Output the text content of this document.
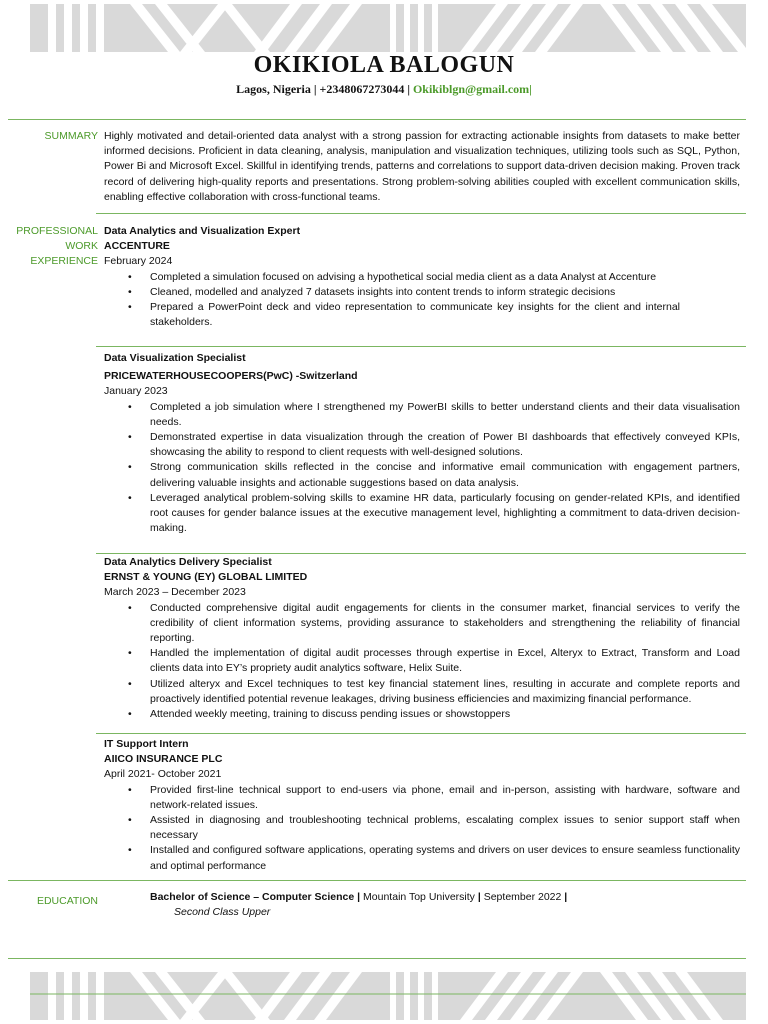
OKIKIOLA BALOGUN
Lagos, Nigeria | +2348067273044 | Okikiblgn@gmail.com|
SUMMARY Highly motivated and detail-oriented data analyst with a strong passion for extracting actionable insights from datasets to make better informed decisions. Proficient in data cleaning, analysis, manipulation and visualization techniques, utilizing tools such as SQL, Python, Power Bi and Microsoft Excel. Skillful in identifying trends, patterns and correlations to support data-driven decision making. Proven track record of delivering high-quality reports and presentations. Strong problem-solving abilities coupled with excellent communication skills, enabling effective collaboration with cross-functional teams.

PROFESSIONAL
WORK
EXPERIENCE
Data Analytics and Visualization Expert
ACCENTURE
February 2024
• Completed a simulation focused on advising a hypothetical social media client as a data Analyst at Accenture
• Cleaned, modelled and analyzed 7 datasets insights into content trends to inform strategic decisions
• Prepared a PowerPoint deck and video representation to communicate key insights for the client and internal stakeholders.
Data Visualization Specialist
PRICEWATERHOUSECOOPERS(PwC) -Switzerland
January 2023
• Completed a job simulation where I strengthened my PowerBI skills to better understand clients and their data visualisation needs.
• Demonstrated expertise in data visualization through the creation of Power BI dashboards that effectively conveyed KPIs, showcasing the ability to respond to client requests with well-designed solutions.
• Strong communication skills reflected in the concise and informative email communication with engagement partners, delivering valuable insights and actionable suggestions based on data analysis.
• Leveraged analytical problem-solving skills to examine HR data, particularly focusing on gender-related KPIs, and identified root causes for gender balance issues at the executive management level, highlighting a commitment to data-driven decision-making.
Data Analytics Delivery Specialist
ERNST & YOUNG (EY) GLOBAL LIMITED
March 2023 – December 2023
• Conducted comprehensive digital audit engagements for clients in the consumer market, financial services to verify the credibility of client information systems, providing assurance to stakeholders and strengthening the reliability of financial reporting.
• Handled the implementation of digital audit processes through expertise in Excel, Alteryx to Extract, Transform and Load clients data into EY’s propriety audit analytics software, Helix Suite.
• Utilized alteryx and Excel techniques to test key financial statement lines, resulting in accurate and complete reports and proactively identified potential revenue leakages, driving business efficiencies and maximizing financial performance.
• Attended weekly meeting, training to discuss pending issues or showstoppers
IT Support Intern
AIICO INSURANCE PLC
April 2021- October 2021
• Provided first-line technical support to end-users via phone, email and in-person, assisting with hardware, software and network-related issues.
• Assisted in diagnosing and troubleshooting technical problems, escalating complex issues to senior support staff when necessary
• Installed and configured software applications, operating systems and drivers on user devices to ensure seamless functionality and optimal performance
EDUCATION	Bachelor of Science – Computer Science | Mountain Top University | September 2022 |
Second Class Upper
